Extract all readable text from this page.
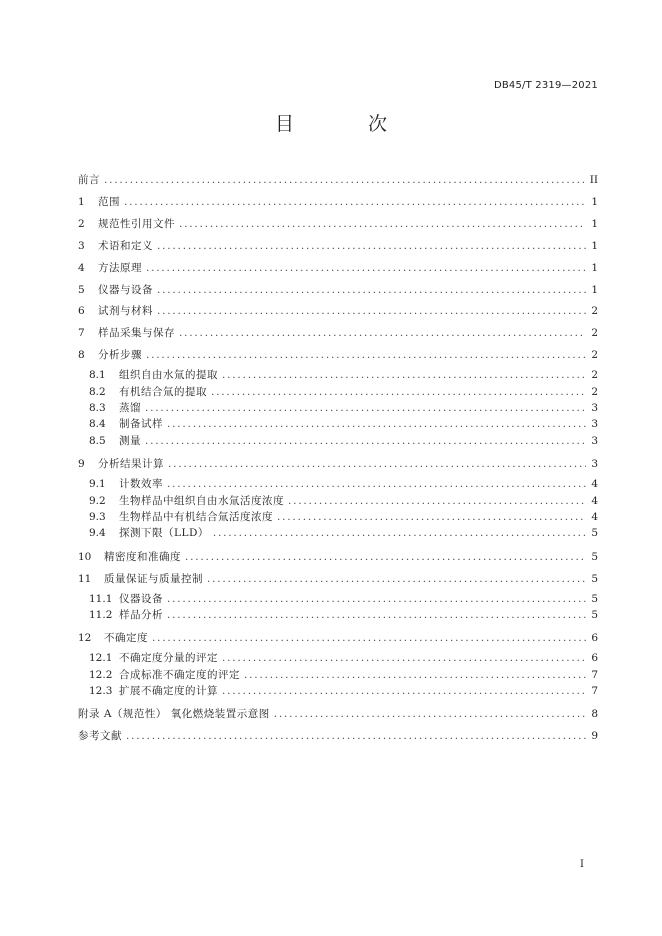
DB45/T 2319—2021
目 次
前言 .....	II
1	范围 .....	1
2	规范性引用文件 .....	1
3	术语和定义 .....	1
4	方法原理 .....	1
5	仪器与设备 .....	1
6	试剂与材料 .....	2
7	样品采集与保存 .....	2
8	分析步骤 .....	2
8.1	组织自由水氚的提取 .....	2
8.2	有机结合氚的提取 .....	2
8.3	蒸馏 .....	3
8.4	制备试样 .....	3
8.5	测量 .....	3
9	分析结果计算 .....	3
9.1	计数效率 .....	4
9.2	生物样品中组织自由水氚活度浓度 .....	4
9.3	生物样品中有机结合氚活度浓度 .....	4
9.4	探测下限（LLD） .....	5
10	精密度和准确度 .....	5
11	质量保证与质量控制 .....	5
11.1 仪器设备 .....	5
11.2 样品分析 .....	5
12	不确定度 .....	6
12.1 不确定度分量的评定 .....	6
12.2 合成标准不确定度的评定 .....	7
12.3 扩展不确定度的计算 .....	7
附录 A（规范性） 氧化燃烧装置示意图 .....	8
参考文献 .....	9
I
